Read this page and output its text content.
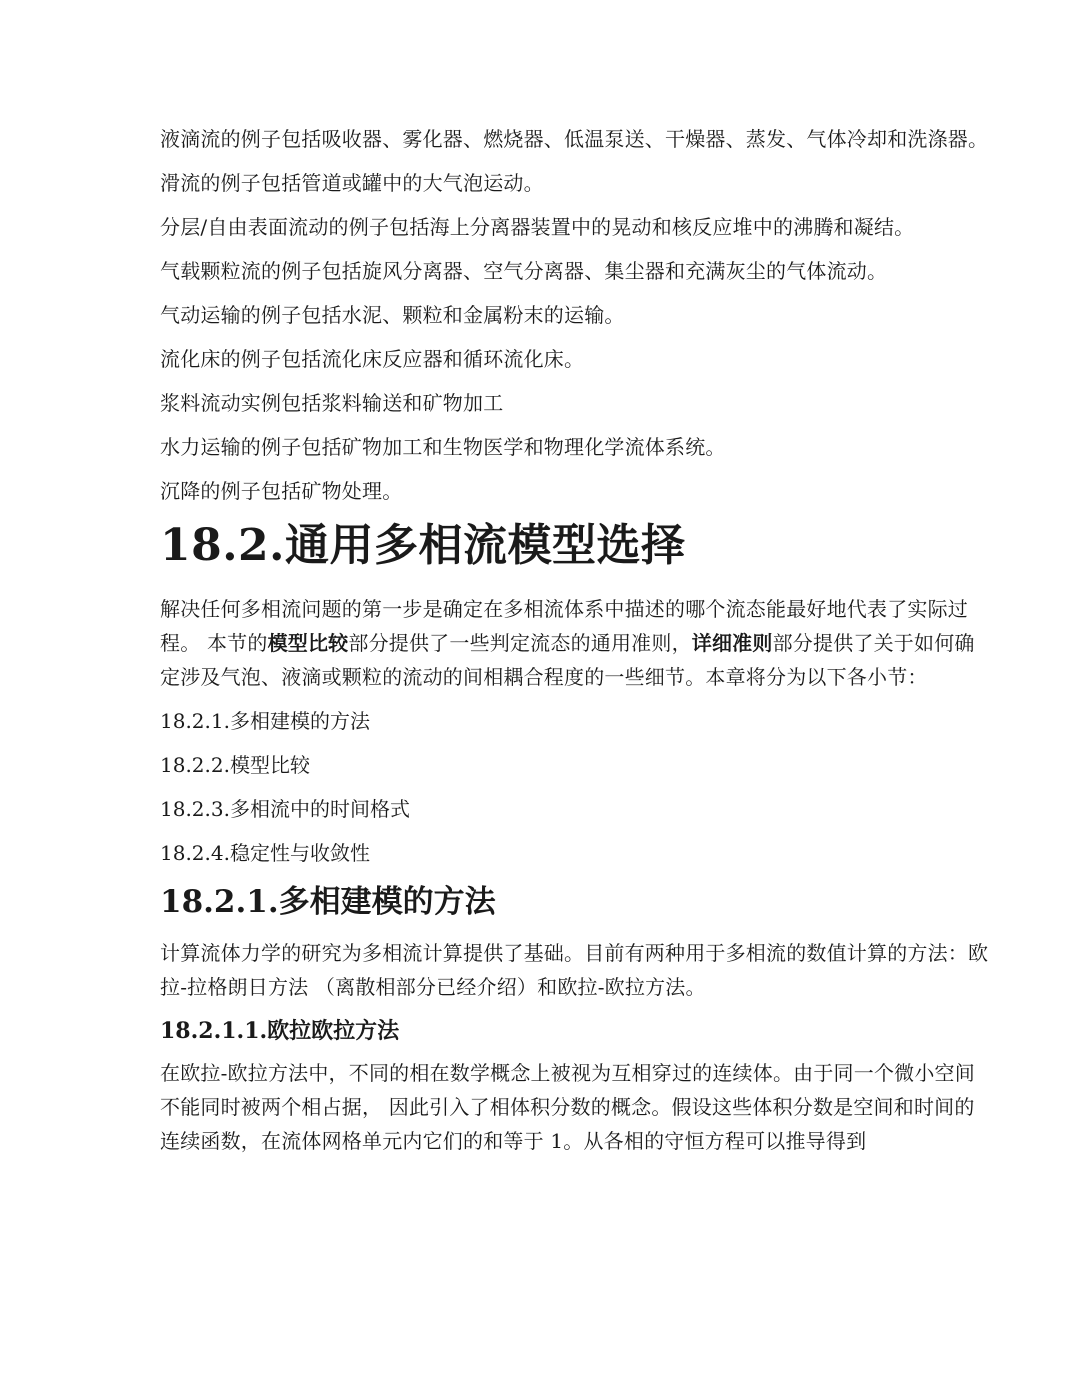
液滴流的例子包括吸收器、雾化器、燃烧器、低温泵送、干燥器、蒸发、气体冷却和洗涤器。

滑流的例子包括管道或罐中的大气泡运动。

分层/自由表面流动的例子包括海上分离器装置中的晃动和核反应堆中的沸腾和凝结。

气载颗粒流的例子包括旋风分离器、空气分离器、集尘器和充满灰尘的气体流动。

气动运输的例子包括水泥、颗粒和金属粉末的运输。

流化床的例子包括流化床反应器和循环流化床。

浆料流动实例包括浆料输送和矿物加工

水力运输的例子包括矿物加工和生物医学和物理化学流体系统。

沉降的例子包括矿物处理。

18.2.通用多相流模型选择

解决任何多相流问题的第一步是确定在多相流体系中描述的哪个流态能最好地代表了实际过程。 本节的模型比较部分提供了一些判定流态的通用准则，详细准则部分提供了关于如何确定涉及气泡、液滴或颗粒的流动的间相耦合程度的一些细节。本章将分为以下各小节：

18.2.1.多相建模的方法

18.2.2.模型比较

18.2.3.多相流中的时间格式

18.2.4.稳定性与收敛性

18.2.1.多相建模的方法

计算流体力学的研究为多相流计算提供了基础。目前有两种用于多相流的数值计算的方法：欧拉-拉格朗日方法 （离散相部分已经介绍）和欧拉-欧拉方法。

18.2.1.1.欧拉欧拉方法

在欧拉-欧拉方法中，不同的相在数学概念上被视为互相穿过的连续体。由于同一个微小空间不能同时被两个相占据， 因此引入了相体积分数的概念。假设这些体积分数是空间和时间的连续函数，在流体网格单元内它们的和等于 1。从各相的守恒方程可以推导得到
